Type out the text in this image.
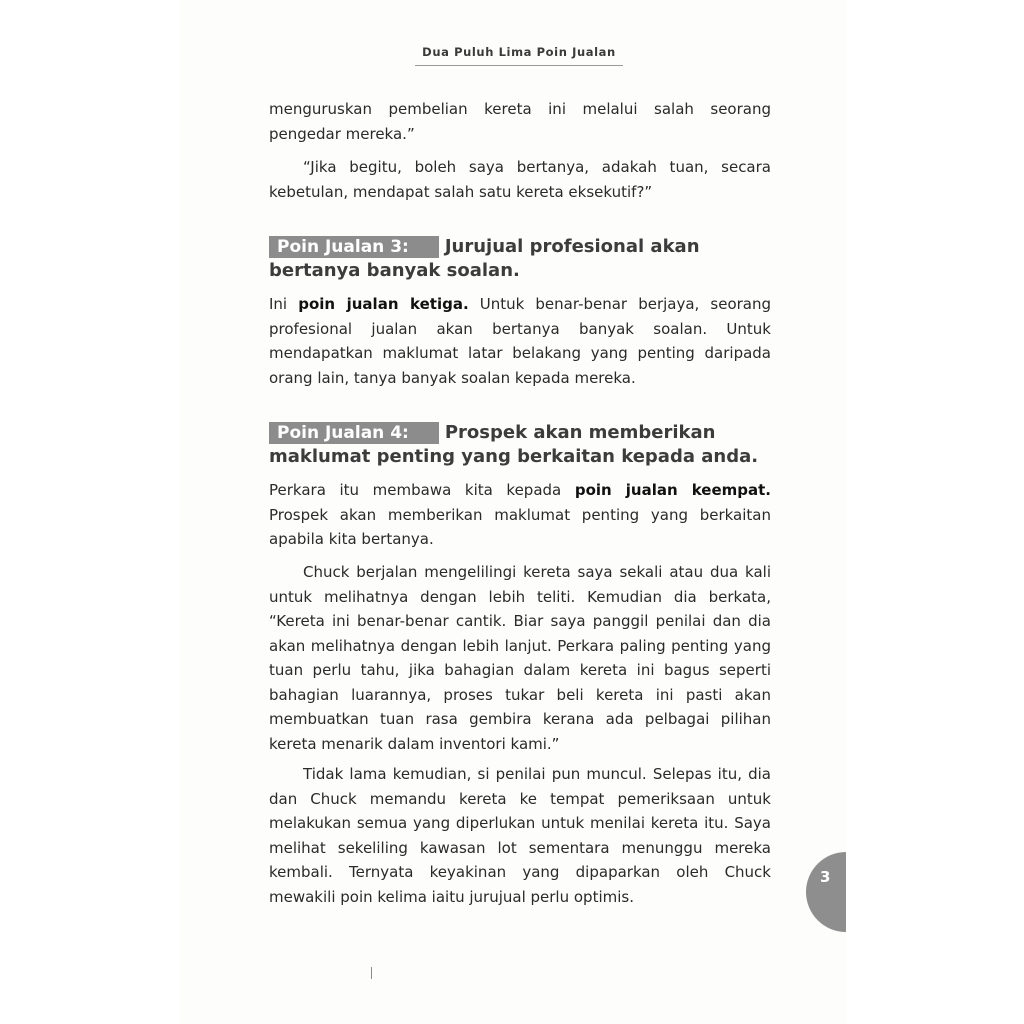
Dua Puluh Lima Poin Jualan

menguruskan pembelian kereta ini melalui salah seorang pengedar mereka.”

“Jika begitu, boleh saya bertanya, adakah tuan, secara kebetulan, mendapat salah satu kereta eksekutif?”

Poin Jualan 3: Jurujual profesional akan bertanya banyak soalan.

Ini poin jualan ketiga. Untuk benar-benar berjaya, seorang profesional jualan akan bertanya banyak soalan. Untuk mendapatkan maklumat latar belakang yang penting daripada orang lain, tanya banyak soalan kepada mereka.

Poin Jualan 4: Prospek akan memberikan maklumat penting yang berkaitan kepada anda.

Perkara itu membawa kita kepada poin jualan keempat. Prospek akan memberikan maklumat penting yang berkaitan apabila kita bertanya.

Chuck berjalan mengelilingi kereta saya sekali atau dua kali untuk melihatnya dengan lebih teliti. Kemudian dia berkata, “Kereta ini benar-benar cantik. Biar saya panggil penilai dan dia akan melihatnya dengan lebih lanjut. Perkara paling penting yang tuan perlu tahu, jika bahagian dalam kereta ini bagus seperti bahagian luarannya, proses tukar beli kereta ini pasti akan membuatkan tuan rasa gembira kerana ada pelbagai pilihan kereta menarik dalam inventori kami.”

Tidak lama kemudian, si penilai pun muncul. Selepas itu, dia dan Chuck memandu kereta ke tempat pemeriksaan untuk melakukan semua yang diperlukan untuk menilai kereta itu. Saya melihat sekeliling kawasan lot sementara menunggu mereka kembali. Ternyata keyakinan yang dipaparkan oleh Chuck mewakili poin kelima iaitu jurujual perlu optimis.

3
